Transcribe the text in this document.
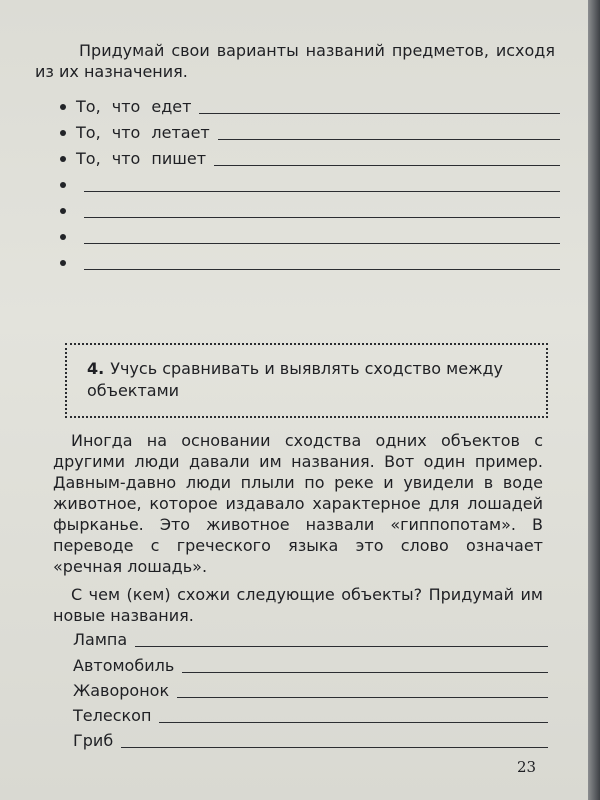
Придумай свои варианты названий предметов, исходя из их назначения.

То, что едет
То, что летает
То, что пишет

4. Учусь сравнивать и выявлять сходство между объектами

Иногда на основании сходства одних объектов с другими люди давали им названия. Вот один пример. Давным-давно люди плыли по реке и увидели в воде животное, которое издавало характерное для лошадей фырканье. Это животное назвали «гиппопотам». В переводе с греческого языка это слово означает «речная лошадь».

С чем (кем) схожи следующие объекты? Придумай им новые названия.

Лампа
Автомобиль
Жаворонок
Телескоп
Гриб

23
